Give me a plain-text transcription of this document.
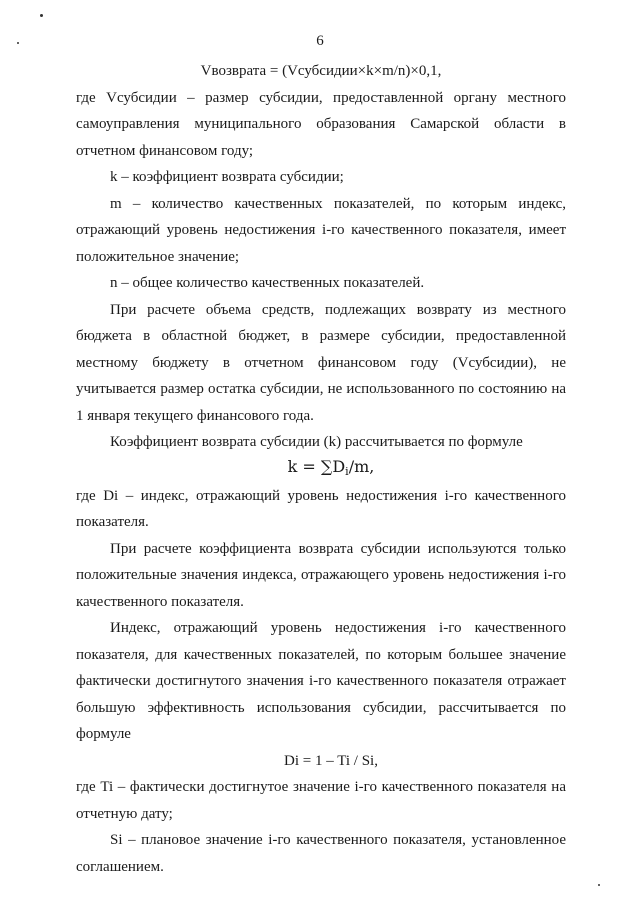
6

Vвозврата = (Vсубсидии×k×m/n)×0,1,

где Vсубсидии – размер субсидии, предоставленной органу местного самоуправления муниципального образования Самарской области в отчетном финансовом году;

k – коэффициент возврата субсидии;

m – количество качественных показателей, по которым индекс, отражающий уровень недостижения i-го качественного показателя, имеет положительное значение;

n – общее количество качественных показателей.

При расчете объема средств, подлежащих возврату из местного бюджета в областной бюджет, в размере субсидии, предоставленной местному бюджету в отчетном финансовом году (Vсубсидии), не учитывается размер остатка субсидии, не использованного по состоянию на 1 января текущего финансового года.

Коэффициент возврата субсидии (k) рассчитывается по формуле

$k = \sum D_i/m$,

где Di – индекс, отражающий уровень недостижения i-го качественного показателя.

При расчете коэффициента возврата субсидии используются только положительные значения индекса, отражающего уровень недостижения i-го качественного показателя.

Индекс, отражающий уровень недостижения i-го качественного показателя, для качественных показателей, по которым большее значение фактически достигнутого значения i-го качественного показателя отражает большую эффективность использования субсидии, рассчитывается по формуле

Di = 1 – Ti / Si,

где Ti – фактически достигнутое значение i-го качественного показателя на отчетную дату;

Si – плановое значение i-го качественного показателя, установленное соглашением.
